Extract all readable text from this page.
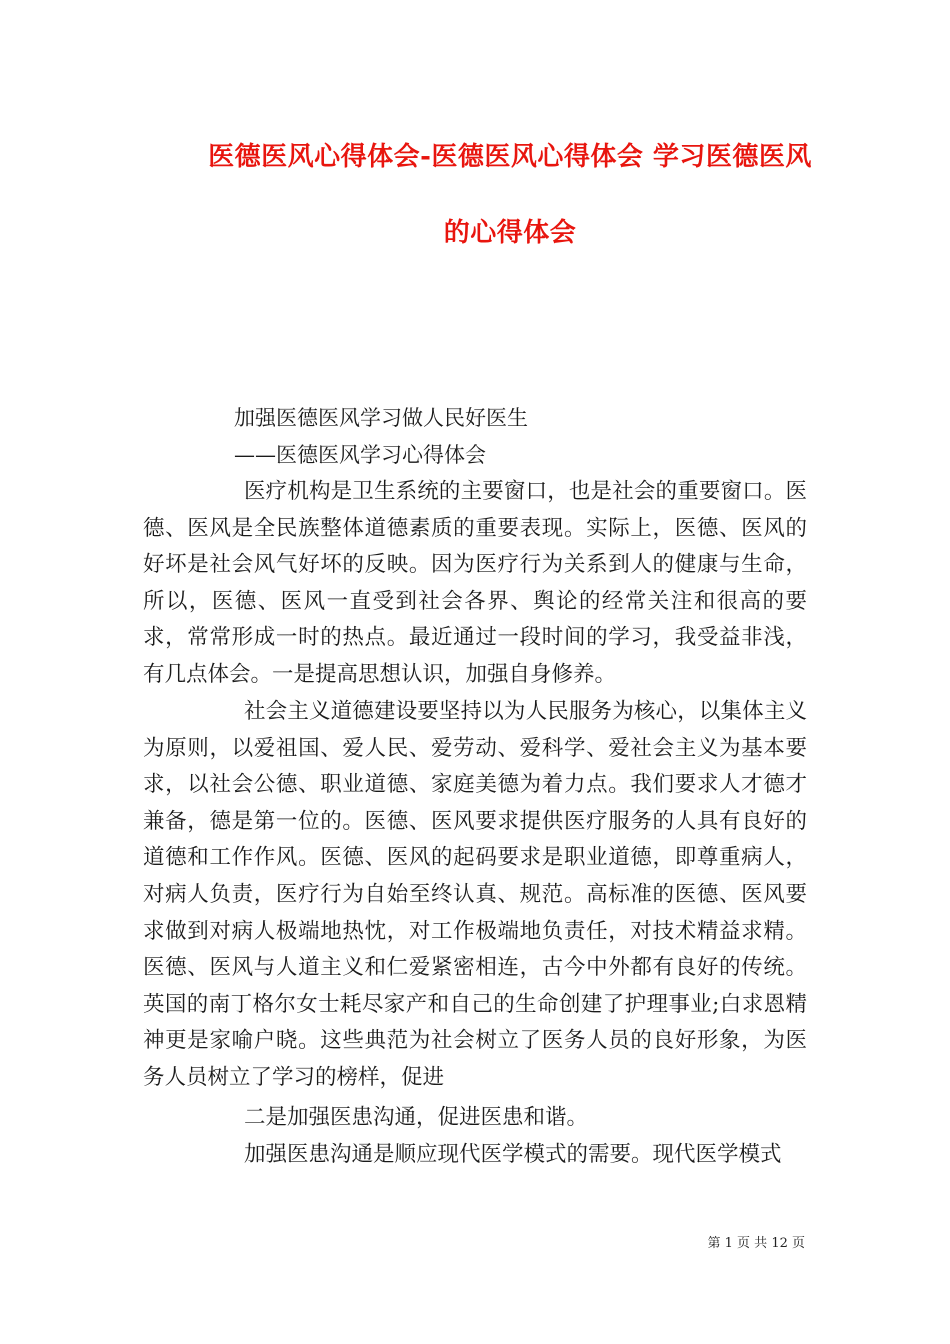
医德医风心得体会-医德医风心得体会 学习医德医风
的心得体会

加强医德医风学习做人民好医生

——医德医风学习心得体会

医疗机构是卫生系统的主要窗口，也是社会的重要窗口。医德、医风是全民族整体道德素质的重要表现。实际上，医德、医风的好坏是社会风气好坏的反映。因为医疗行为关系到人的健康与生命，所以，医德、医风一直受到社会各界、舆论的经常关注和很高的要求，常常形成一时的热点。最近通过一段时间的学习，我受益非浅，有几点体会。一是提高思想认识，加强自身修养。

社会主义道德建设要坚持以为人民服务为核心，以集体主义为原则，以爱祖国、爱人民、爱劳动、爱科学、爱社会主义为基本要求，以社会公德、职业道德、家庭美德为着力点。我们要求人才德才兼备，德是第一位的。医德、医风要求提供医疗服务的人具有良好的道德和工作作风。医德、医风的起码要求是职业道德，即尊重病人，对病人负责，医疗行为自始至终认真、规范。高标准的医德、医风要求做到对病人极端地热忱，对工作极端地负责任，对技术精益求精。医德、医风与人道主义和仁爱紧密相连，古今中外都有良好的传统。英国的南丁格尔女士耗尽家产和自己的生命创建了护理事业;白求恩精神更是家喻户晓。这些典范为社会树立了医务人员的良好形象，为医务人员树立了学习的榜样，促进

二是加强医患沟通，促进医患和谐。

加强医患沟通是顺应现代医学模式的需要。现代医学模式

第 1 页 共 12 页
